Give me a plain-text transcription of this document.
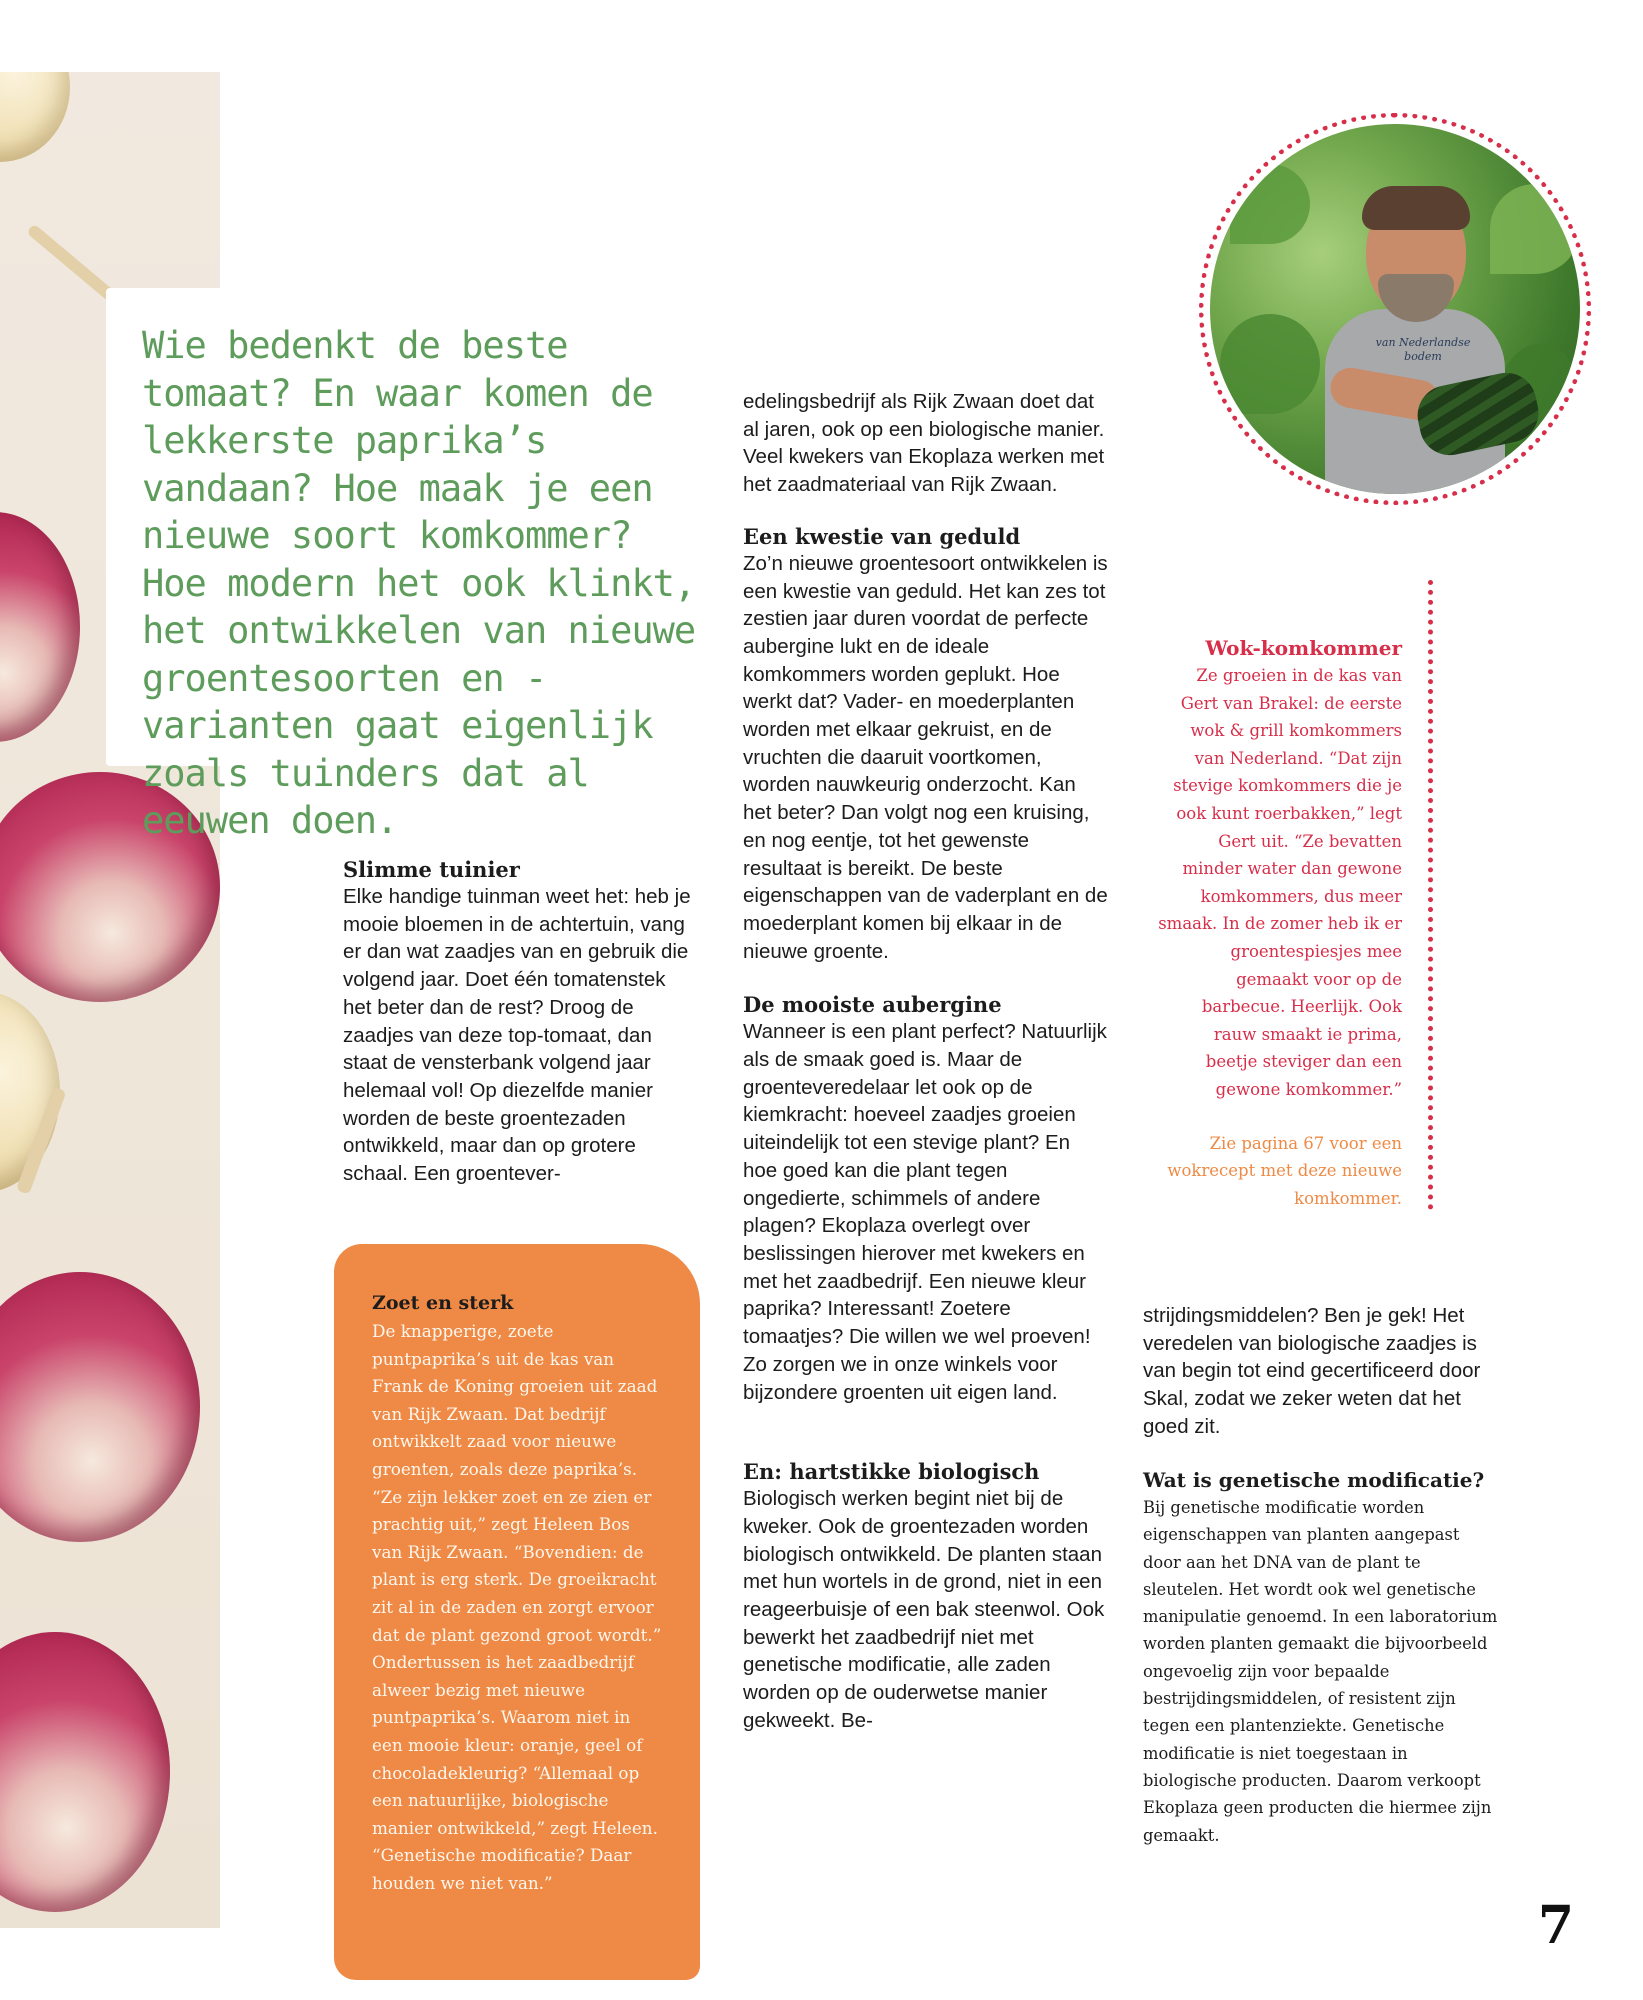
Wie bedenkt de beste tomaat? En waar komen de lekkerste paprika’s vandaan? Hoe maak je een nieuwe soort komkommer? Hoe modern het ook klinkt, het ontwikkelen van nieuwe groentesoorten en -varianten gaat eigenlijk zoals tuinders dat al eeuwen doen.

Slimme tuinier

Elke handige tuinman weet het: heb je mooie bloemen in de achtertuin, vang er dan wat zaadjes van en gebruik die volgend jaar. Doet één tomatenstek het beter dan de rest? Droog de zaadjes van deze top-tomaat, dan staat de vensterbank volgend jaar helemaal vol! Op diezelfde manier worden de beste groentezaden ontwikkeld, maar dan op grotere schaal. Een groentever-

Zoet en sterk

De knapperige, zoete puntpaprika’s uit de kas van Frank de Koning groeien uit zaad van Rijk Zwaan. Dat bedrijf ontwikkelt zaad voor nieuwe groenten, zoals deze paprika’s. “Ze zijn lekker zoet en ze zien er prachtig uit,” zegt Heleen Bos van Rijk Zwaan. “Bovendien: de plant is erg sterk. De groeikracht zit al in de zaden en zorgt ervoor dat de plant gezond groot wordt.” Ondertussen is het zaadbedrijf alweer bezig met nieuwe puntpaprika’s. Waarom niet in een mooie kleur: oranje, geel of chocoladekleurig? “Allemaal op een natuurlijke, biologische manier ontwikkeld,” zegt Heleen. “Genetische modificatie? Daar houden we niet van.”

edelingsbedrijf als Rijk Zwaan doet dat al jaren, ook op een biologische manier. Veel kwekers van Ekoplaza werken met het zaadmateriaal van Rijk Zwaan.

Een kwestie van geduld

Zo’n nieuwe groentesoort ontwikkelen is een kwestie van geduld. Het kan zes tot zestien jaar duren voordat de perfecte aubergine lukt en de ideale komkommers worden geplukt. Hoe werkt dat? Vader- en moederplanten worden met elkaar gekruist, en de vruchten die daaruit voortkomen, worden nauwkeurig onderzocht. Kan het beter? Dan volgt nog een kruising, en nog eentje, tot het gewenste resultaat is bereikt. De beste eigenschappen van de vaderplant en de moederplant komen bij elkaar in de nieuwe groente.

De mooiste aubergine

Wanneer is een plant perfect? Natuurlijk als de smaak goed is. Maar de groenteveredelaar let ook op de kiemkracht: hoeveel zaadjes groeien uiteindelijk tot een stevige plant? En hoe goed kan die plant tegen ongedierte, schimmels of andere plagen? Ekoplaza overlegt over beslissingen hierover met kwekers en met het zaadbedrijf. Een nieuwe kleur paprika? Interessant! Zoetere tomaatjes? Die willen we wel proeven! Zo zorgen we in onze winkels voor bijzondere groenten uit eigen land.

En: hartstikke biologisch

Biologisch werken begint niet bij de kweker. Ook de groentezaden worden biologisch ontwikkeld. De planten staan met hun wortels in de grond, niet in een reageerbuisje of een bak steenwol. Ook bewerkt het zaadbedrijf niet met genetische modificatie, alle zaden worden op de ouderwetse manier gekweekt. Be-

strijdingsmiddelen? Ben je gek! Het veredelen van biologische zaadjes is van begin tot eind gecertificeerd door Skal, zodat we zeker weten dat het goed zit.

van Nederlandse bodem
Wok-komkommer

Ze groeien in de kas van Gert van Brakel: de eerste wok & grill komkommers van Nederland. “Dat zijn stevige komkommers die je ook kunt roerbakken,” legt Gert uit. “Ze bevatten minder water dan gewone komkommers, dus meer smaak. In de zomer heb ik er groentespiesjes mee gemaakt voor op de barbecue. Heerlijk. Ook rauw smaakt ie prima, beetje steviger dan een gewone komkommer.”

Zie pagina 67 voor een wokrecept met deze nieuwe komkommer.

Wat is genetische modificatie?

Bij genetische modificatie worden eigenschappen van planten aangepast door aan het DNA van de plant te sleutelen. Het wordt ook wel genetische manipulatie genoemd. In een laboratorium worden planten gemaakt die bijvoorbeeld ongevoelig zijn voor bepaalde bestrijdingsmiddelen, of resistent zijn tegen een plantenziekte. Genetische modificatie is niet toegestaan in biologische producten. Daarom verkoopt Ekoplaza geen producten die hiermee zijn gemaakt.

7
